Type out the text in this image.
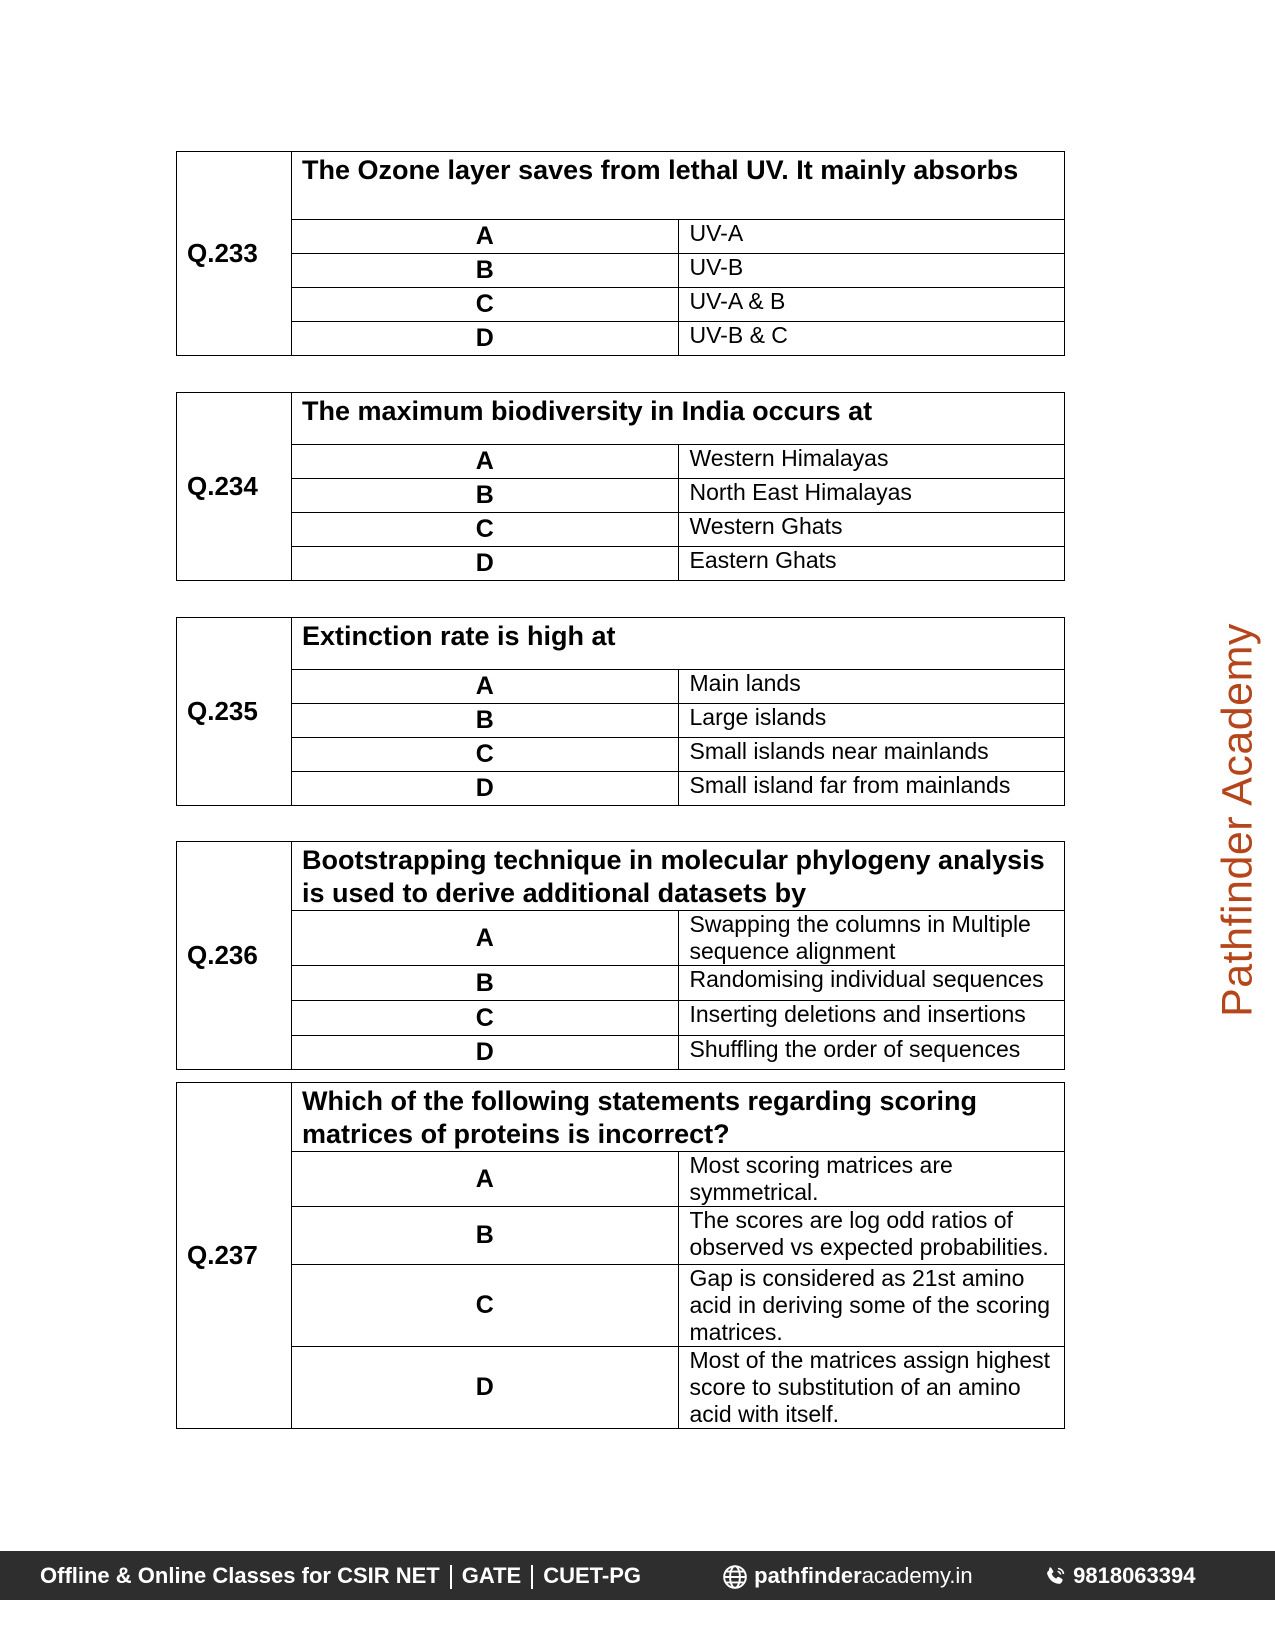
Q.233	The Ozone layer saves from lethal UV. It mainly absorbs	
	A	UV-A
	B	UV-B
	C	UV-A & B
	D	UV-B & C
Q.234	The maximum biodiversity in India occurs at	
	A	Western Himalayas
	B	North East Himalayas
	C	Western Ghats
	D	Eastern Ghats
Q.235	Extinction rate is high at	
	A	Main lands
	B	Large islands
	C	Small islands near mainlands
	D	Small island far from mainlands
Q.236	Bootstrapping technique in molecular phylogeny analysis is used to derive additional datasets by	
	A	Swapping the columns in Multiple sequence alignment
	B	Randomising individual sequences
	C	Inserting deletions and insertions
	D	Shuffling the order of sequences
Q.237	Which of the following statements regarding scoring matrices of proteins is incorrect?	
	A	Most scoring matrices are symmetrical.
	B	The scores are log odd ratios of observed vs expected probabilities.
	C	Gap is considered as 21st amino acid in deriving some of the scoring matrices.
	D	Most of the matrices assign highest score to substitution of an amino acid with itself.
Pathfinder Academy
Offline & Online Classes for CSIR NET GATE CUET-PG	pathfinderacademy.in	9818063394
